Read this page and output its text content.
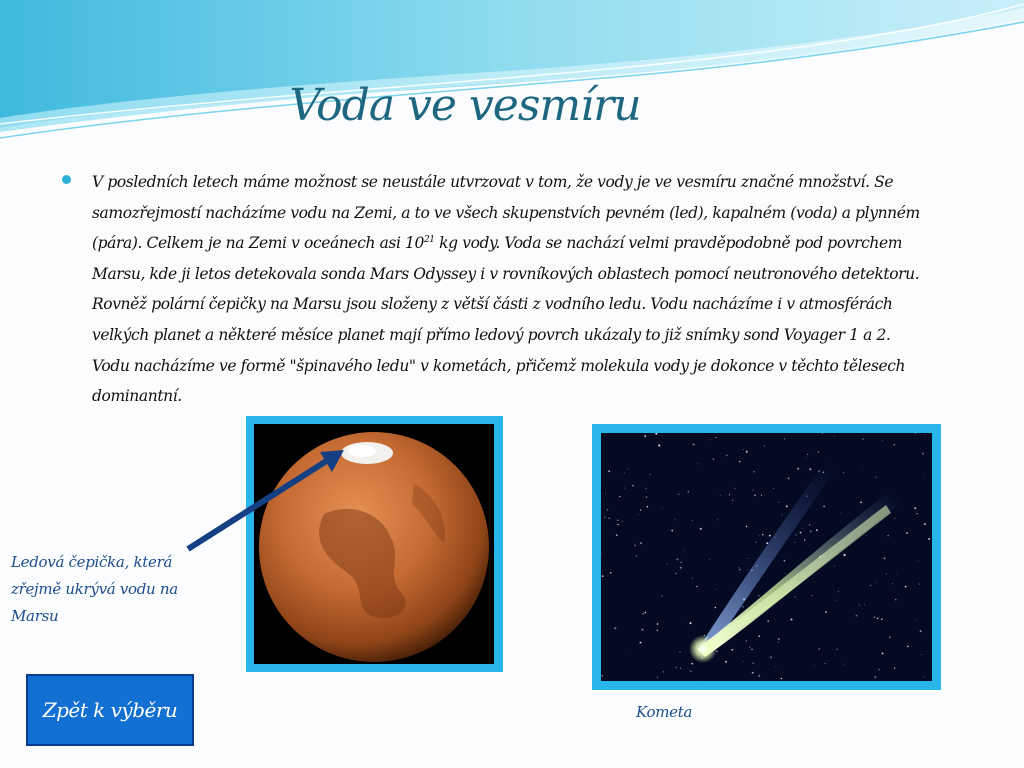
Voda ve vesmíru

V posledních letech máme možnost se neustále utvrzovat v tom, že vody je ve vesmíru značné množství. Se
samozřejmostí nacházíme vodu na Zemi, a to ve všech skupenstvích pevném (led), kapalném (voda) a plynném
(pára). Celkem je na Zemi v oceánech asi $10^{21}$ kg vody. Voda se nachází velmi pravděpodobně pod povrchem
Marsu, kde ji letos detekovala sonda Mars Odyssey i v rovníkových oblastech pomocí neutronového detektoru.
Rovněž polární čepičky na Marsu jsou složeny z větší části z vodního ledu. Vodu nacházíme i v atmosférách
velkých planet a některé měsíce planet mají přímo ledový povrch ukázaly to již snímky sond Voyager 1 a 2.
Vodu nacházíme ve formě "špinavého ledu" v kometách, přičemž molekula vody je dokonce v těchto tělesech
dominantní.

Ledová čepička, která zřejmě ukrývá vodu na Marsu
Kometa
Zpět k výběru
